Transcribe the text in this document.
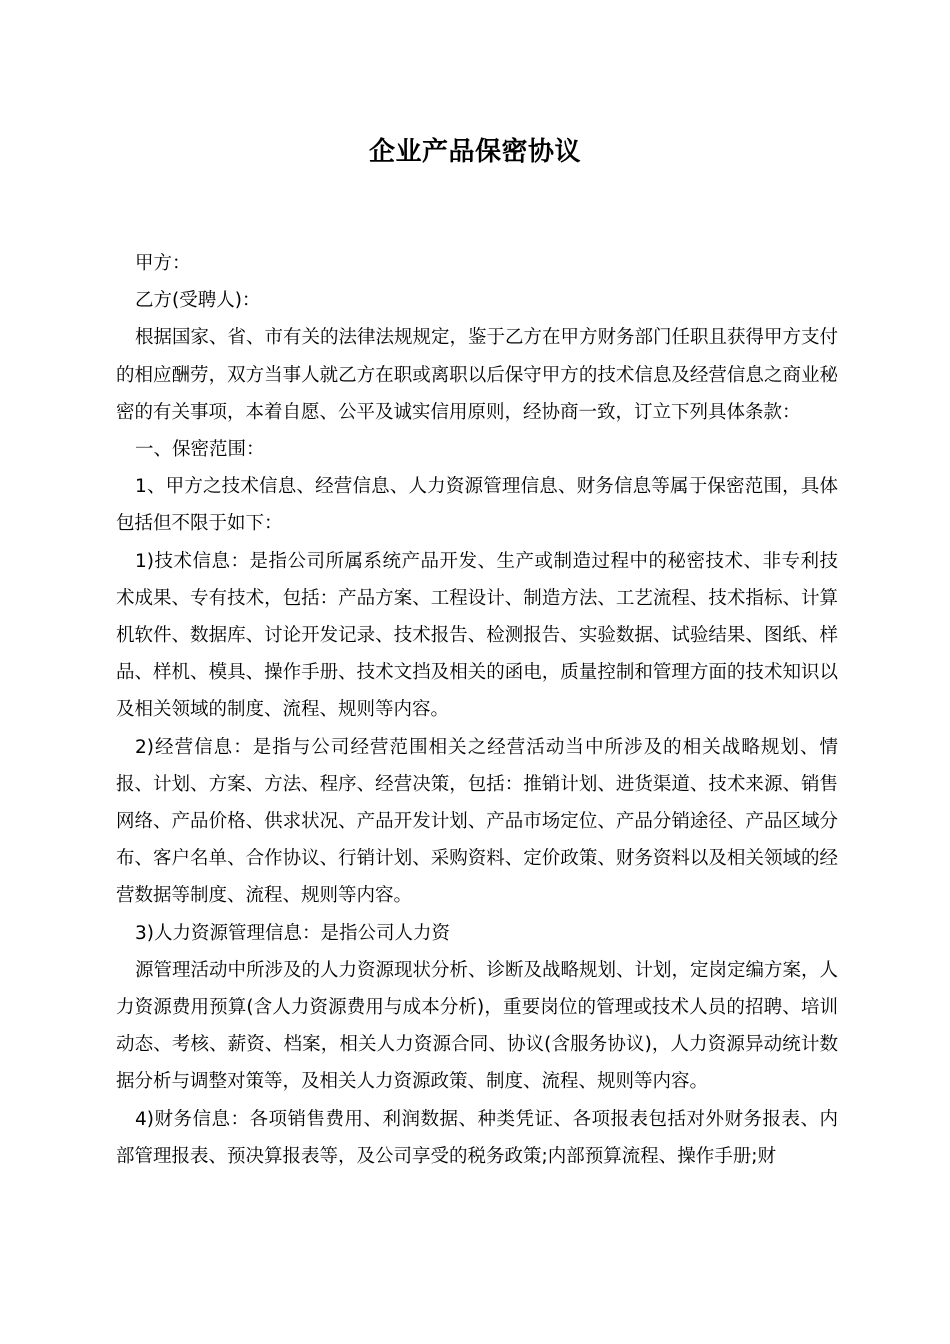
企业产品保密协议

甲方：

乙方(受聘人)：

根据国家、省、市有关的法律法规规定，鉴于乙方在甲方财务部门任职且获得甲方支付的相应酬劳，双方当事人就乙方在职或离职以后保守甲方的技术信息及经营信息之商业秘密的有关事项，本着自愿、公平及诚实信用原则，经协商一致，订立下列具体条款：

一、保密范围：

1、甲方之技术信息、经营信息、人力资源管理信息、财务信息等属于保密范围，具体包括但不限于如下：

1)技术信息：是指公司所属系统产品开发、生产或制造过程中的秘密技术、非专利技术成果、专有技术，包括：产品方案、工程设计、制造方法、工艺流程、技术指标、计算机软件、数据库、讨论开发记录、技术报告、检测报告、实验数据、试验结果、图纸、样品、样机、模具、操作手册、技术文挡及相关的函电，质量控制和管理方面的技术知识以及相关领域的制度、流程、规则等内容。

2)经营信息：是指与公司经营范围相关之经营活动当中所涉及的相关战略规划、情报、计划、方案、方法、程序、经营决策，包括：推销计划、进货渠道、技术来源、销售网络、产品价格、供求状况、产品开发计划、产品市场定位、产品分销途径、产品区域分布、客户名单、合作协议、行销计划、采购资料、定价政策、财务资料以及相关领域的经营数据等制度、流程、规则等内容。

3)人力资源管理信息：是指公司人力资

源管理活动中所涉及的人力资源现状分析、诊断及战略规划、计划，定岗定编方案，人力资源费用预算(含人力资源费用与成本分析)，重要岗位的管理或技术人员的招聘、培训动态、考核、薪资、档案，相关人力资源合同、协议(含服务协议)，人力资源异动统计数据分析与调整对策等，及相关人力资源政策、制度、流程、规则等内容。

4)财务信息：各项销售费用、利润数据、种类凭证、各项报表包括对外财务报表、内部管理报表、预决算报表等，及公司享受的税务政策;内部预算流程、操作手册;财
